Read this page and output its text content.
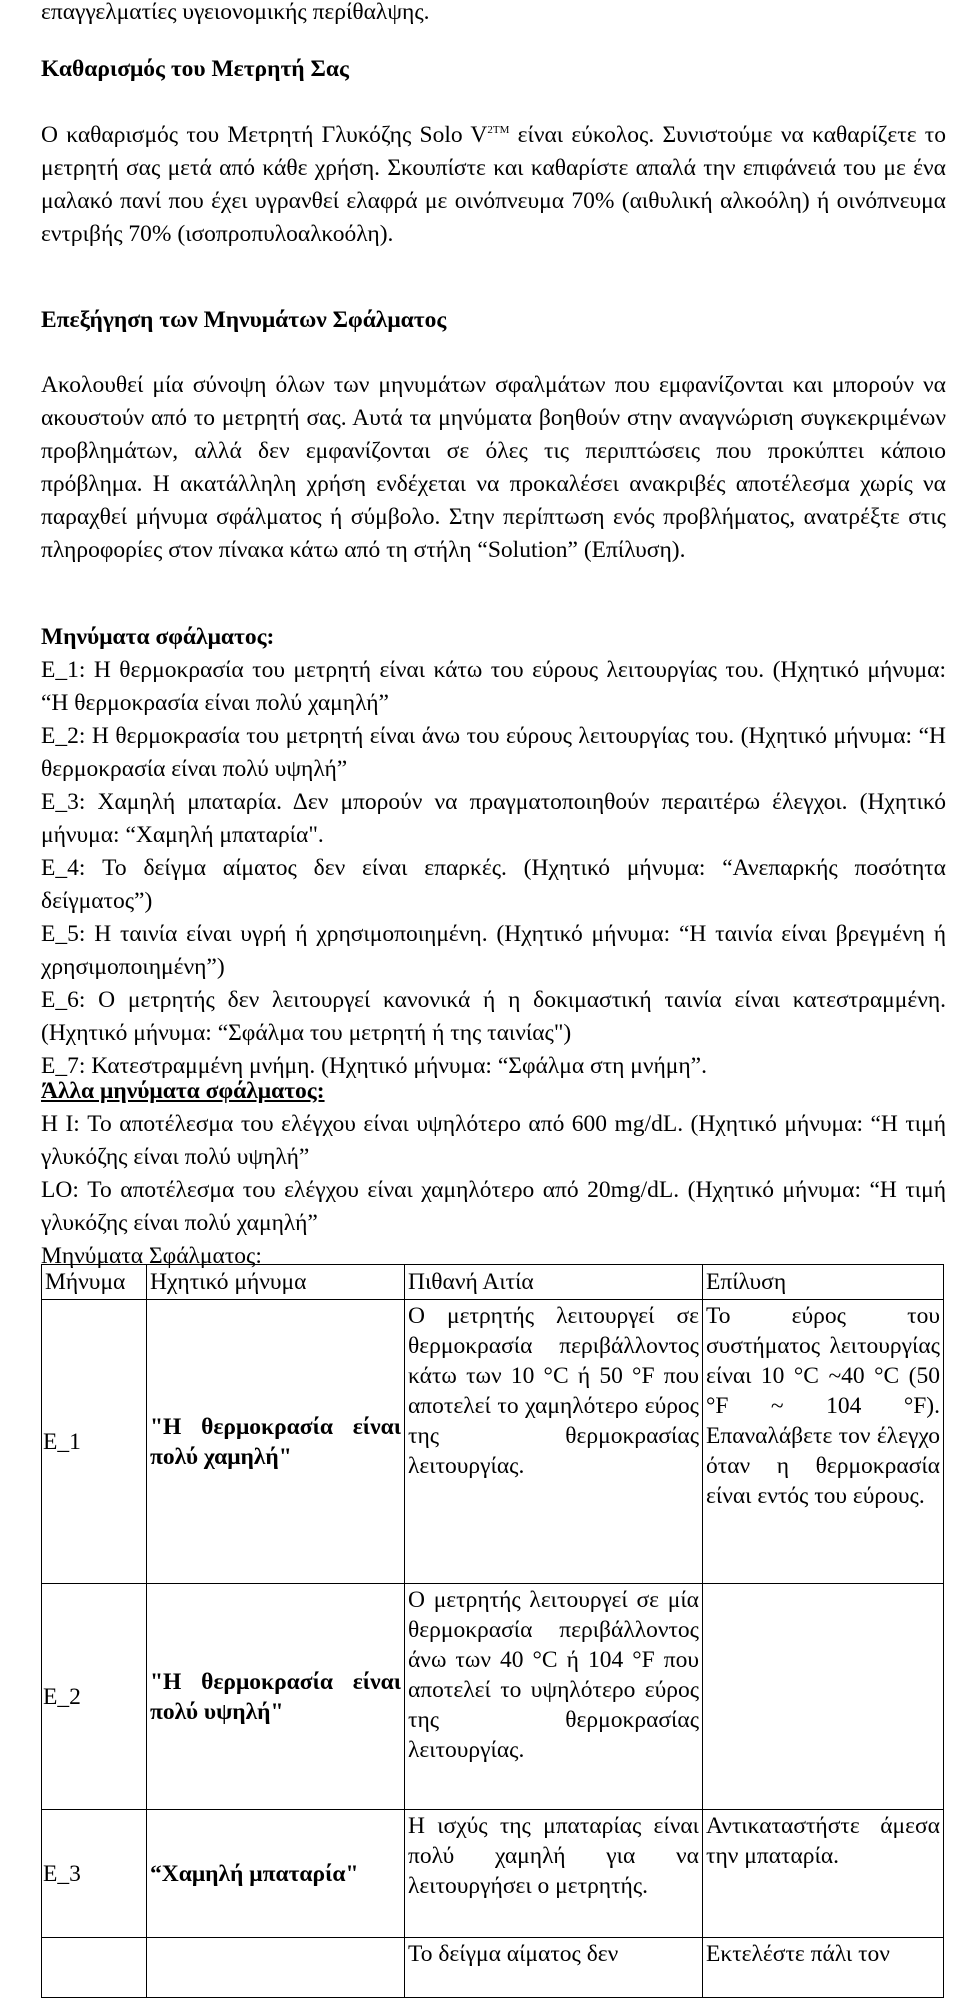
επαγγελματίες υγειονομικής περίθαλψης.

Καθαρισμός του Μετρητή Σας

Ο καθαρισμός του Μετρητή Γλυκόζης Solo $V^{2TM}$ είναι εύκολος. Συνιστούμε να καθαρίζετε το μετρητή σας μετά από κάθε χρήση. Σκουπίστε και καθαρίστε απαλά την επιφάνειά του με ένα μαλακό πανί που έχει υγρανθεί ελαφρά με οινόπνευμα 70% (αιθυλική αλκοόλη) ή οινόπνευμα εντριβής 70% (ισοπροπυλοαλκοόλη).

Επεξήγηση των Μηνυμάτων Σφάλματος

Ακολουθεί μία σύνοψη όλων των μηνυμάτων σφαλμάτων που εμφανίζονται και μπορούν να ακουστούν από το μετρητή σας. Αυτά τα μηνύματα βοηθούν στην αναγνώριση συγκεκριμένων προβλημάτων, αλλά δεν εμφανίζονται σε όλες τις περιπτώσεις που προκύπτει κάποιο πρόβλημα. Η ακατάλληλη χρήση ενδέχεται να προκαλέσει ανακριβές αποτέλεσμα χωρίς να παραχθεί μήνυμα σφάλματος ή σύμβολο. Στην περίπτωση ενός προβλήματος, ανατρέξτε στις πληροφορίες στον πίνακα κάτω από τη στήλη “Solution” (Επίλυση).

Μηνύματα σφάλματος:

E_1: Η θερμοκρασία του μετρητή είναι κάτω του εύρους λειτουργίας του. (Ηχητικό μήνυμα: “Η θερμοκρασία είναι πολύ χαμηλή”

E_2: Η θερμοκρασία του μετρητή είναι άνω του εύρους λειτουργίας του. (Ηχητικό μήνυμα: “Η θερμοκρασία είναι πολύ υψηλή”

E_3: Χαμηλή μπαταρία. Δεν μπορούν να πραγματοποιηθούν περαιτέρω έλεγχοι. (Ηχητικό μήνυμα: “Χαμηλή μπαταρία".

E_4: Το δείγμα αίματος δεν είναι επαρκές. (Ηχητικό μήνυμα: “Ανεπαρκής ποσότητα δείγματος”)

E_5: Η ταινία είναι υγρή ή χρησιμοποιημένη. (Ηχητικό μήνυμα: “Η ταινία είναι βρεγμένη ή χρησιμοποιημένη”)

E_6: Ο μετρητής δεν λειτουργεί κανονικά ή η δοκιμαστική ταινία είναι κατεστραμμένη. (Ηχητικό μήνυμα: “Σφάλμα του μετρητή ή της ταινίας")

E_7: Κατεστραμμένη μνήμη. (Ηχητικό μήνυμα: “Σφάλμα στη μνήμη”.

Άλλα μηνύματα σφάλματος:

H I: Το αποτέλεσμα του ελέγχου είναι υψηλότερο από 600 mg/dL. (Ηχητικό μήνυμα: “Η τιμή γλυκόζης είναι πολύ υψηλή”

LO: Το αποτέλεσμα του ελέγχου είναι χαμηλότερο από 20mg/dL. (Ηχητικό μήνυμα: “Η τιμή γλυκόζης είναι πολύ χαμηλή”

Μηνύματα Σφάλματος:

Μήνυμα	Ηχητικό μήνυμα	Πιθανή Αιτία	Επίλυση
E_1	"Η θερμοκρασία είναι πολύ χαμηλή"	Ο μετρητής λειτουργεί σε θερμοκρασία περιβάλλοντος κάτω των 10 °C ή 50 °F που αποτελεί το χαμηλότερο εύρος της θερμοκρασίας λειτουργίας.	Το εύρος του συστήματος λειτουργίας είναι 10 °C ~40 °C (50 °F ~ 104 °F). Επαναλάβετε τον έλεγχο όταν η θερμοκρασία είναι εντός του εύρους.
E_2	"Η θερμοκρασία είναι πολύ υψηλή"	Ο μετρητής λειτουργεί σε μία θερμοκρασία περιβάλλοντος άνω των 40 °C ή 104 °F που αποτελεί το υψηλότερο εύρος της θερμοκρασίας λειτουργίας.	
E_3	“Χαμηλή μπαταρία"	Η ισχύς της μπαταρίας είναι πολύ χαμηλή για να λειτουργήσει ο μετρητής.	Αντικαταστήστε άμεσα την μπαταρία.
		Το δείγμα αίματος δεν	Εκτελέστε πάλι τον
